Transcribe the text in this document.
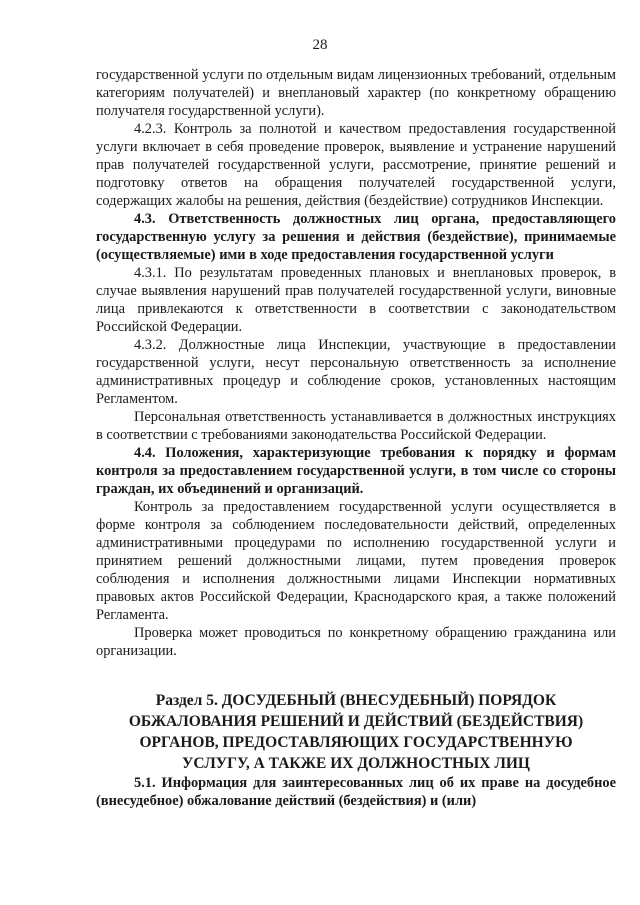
28

государственной услуги по отдельным видам лицензионных требований, отдельным категориям получателей) и внеплановый характер (по конкретному обращению получателя государственной услуги).

4.2.3. Контроль за полнотой и качеством предоставления государственной услуги включает в себя проведение проверок, выявление и устранение нарушений прав получателей государственной услуги, рассмотрение, принятие решений и подготовку ответов на обращения получателей государственной услуги, содержащих жалобы на решения, действия (бездействие) сотрудников Инспекции.

4.3. Ответственность должностных лиц органа, предоставляющего государственную услугу за решения и действия (бездействие), принимаемые (осуществляемые) ими в ходе предоставления государственной услуги

4.3.1. По результатам проведенных плановых и внеплановых проверок, в случае выявления нарушений прав получателей государственной услуги, виновные лица привлекаются к ответственности в соответствии с законодательством Российской Федерации.

4.3.2. Должностные лица Инспекции, участвующие в предоставлении государственной услуги, несут персональную ответственность за исполнение административных процедур и соблюдение сроков, установленных настоящим Регламентом.

Персональная ответственность устанавливается в должностных инструкциях в соответствии с требованиями законодательства Российской Федерации.

4.4. Положения, характеризующие требования к порядку и формам контроля за предоставлением государственной услуги, в том числе со стороны граждан, их объединений и организаций.

Контроль за предоставлением государственной услуги осуществляется в форме контроля за соблюдением последовательности действий, определенных административными процедурами по исполнению государственной услуги и принятием решений должностными лицами, путем проведения проверок соблюдения и исполнения должностными лицами Инспекции нормативных правовых актов Российской Федерации, Краснодарского края, а также положений Регламента.

Проверка может проводиться по конкретному обращению гражданина или организации.

Раздел 5. ДОСУДЕБНЫЙ (ВНЕСУДЕБНЫЙ) ПОРЯДОК
ОБЖАЛОВАНИЯ РЕШЕНИЙ И ДЕЙСТВИЙ (БЕЗДЕЙСТВИЯ)
ОРГАНОВ, ПРЕДОСТАВЛЯЮЩИХ ГОСУДАРСТВЕННУЮ
УСЛУГУ, А ТАКЖЕ ИХ ДОЛЖНОСТНЫХ ЛИЦ

5.1. Информация для заинтересованных лиц об их праве на досудебное (внесудебное) обжалование действий (бездействия) и (или)
